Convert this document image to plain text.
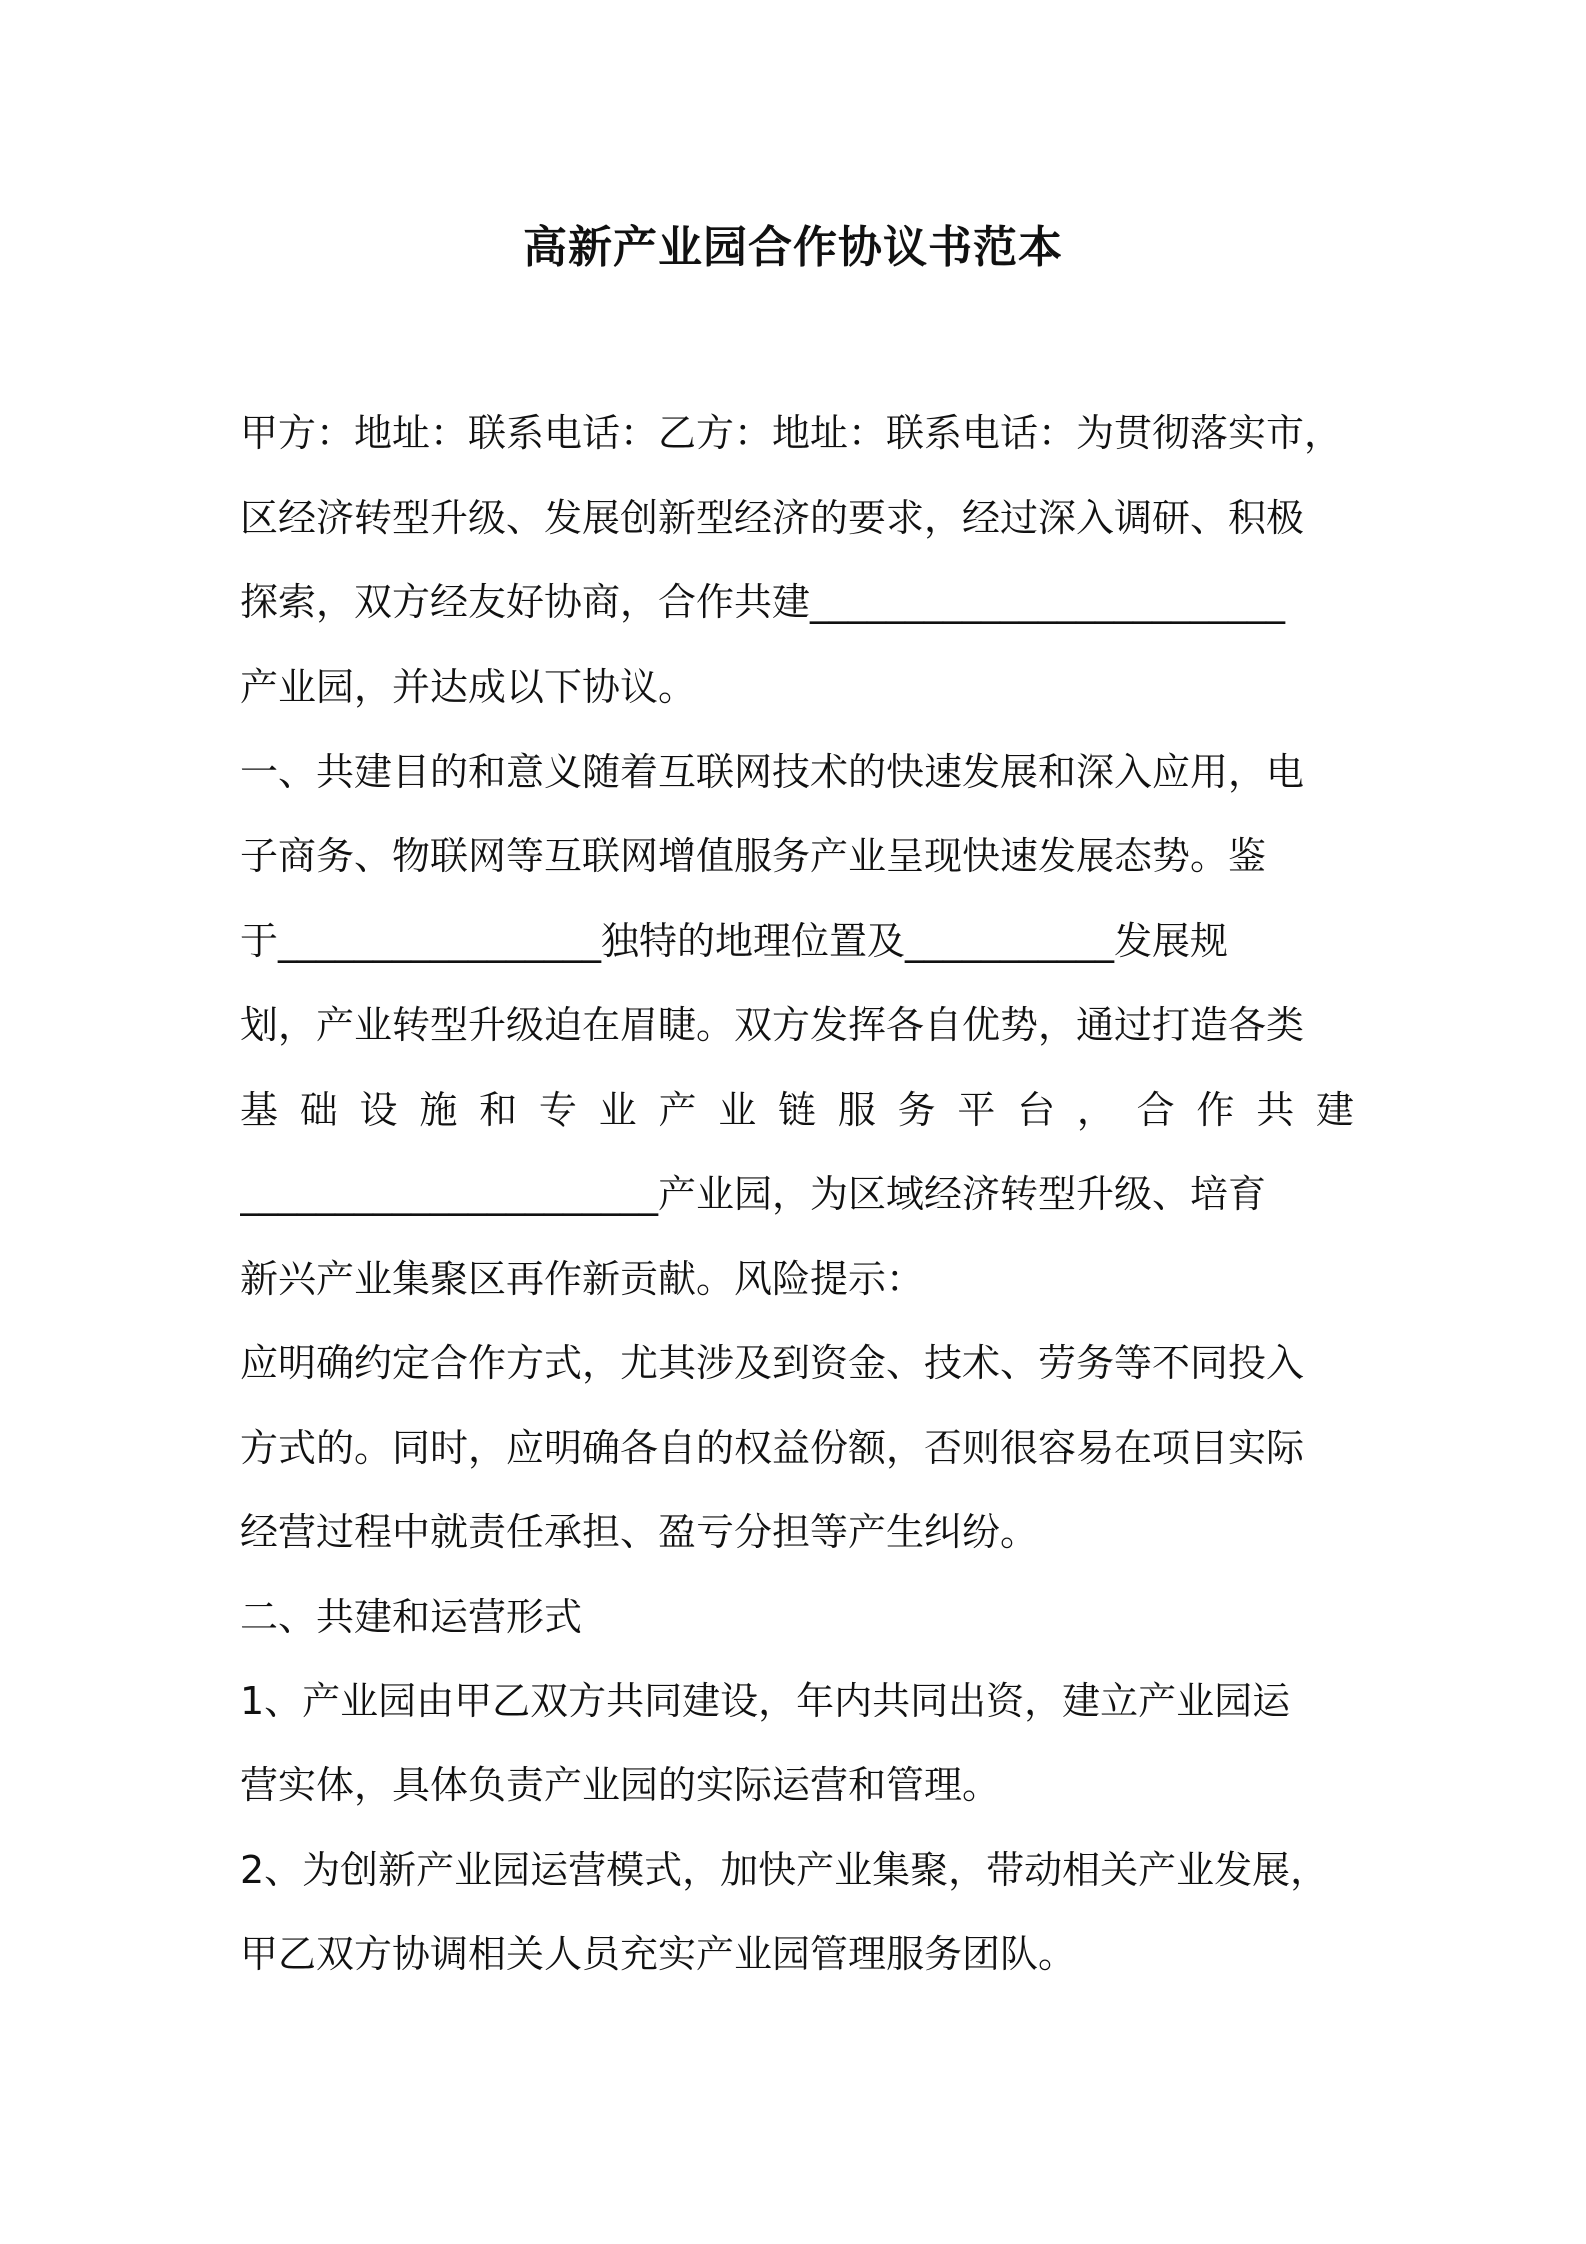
高新产业园合作协议书范本
甲方：地址：联系电话：乙方：地址：联系电话：为贯彻落实市，
区经济转型升级、发展创新型经济的要求，经过深入调研、积极
探索，双方经友好协商，合作共建_________________________
产业园，并达成以下协议。
一、共建目的和意义随着互联网技术的快速发展和深入应用，电
子商务、物联网等互联网增值服务产业呈现快速发展态势。鉴
于_________________独特的地理位置及___________发展规
划，产业转型升级迫在眉睫。双方发挥各自优势，通过打造各类
基础设施和专业产业链服务平台，合作共建
______________________产业园，为区域经济转型升级、培育
新兴产业集聚区再作新贡献。风险提示：
应明确约定合作方式，尤其涉及到资金、技术、劳务等不同投入
方式的。同时，应明确各自的权益份额，否则很容易在项目实际
经营过程中就责任承担、盈亏分担等产生纠纷。
二、共建和运营形式
1、产业园由甲乙双方共同建设，年内共同出资，建立产业园运
营实体，具体负责产业园的实际运营和管理。
2、为创新产业园运营模式，加快产业集聚，带动相关产业发展，
甲乙双方协调相关人员充实产业园管理服务团队。
